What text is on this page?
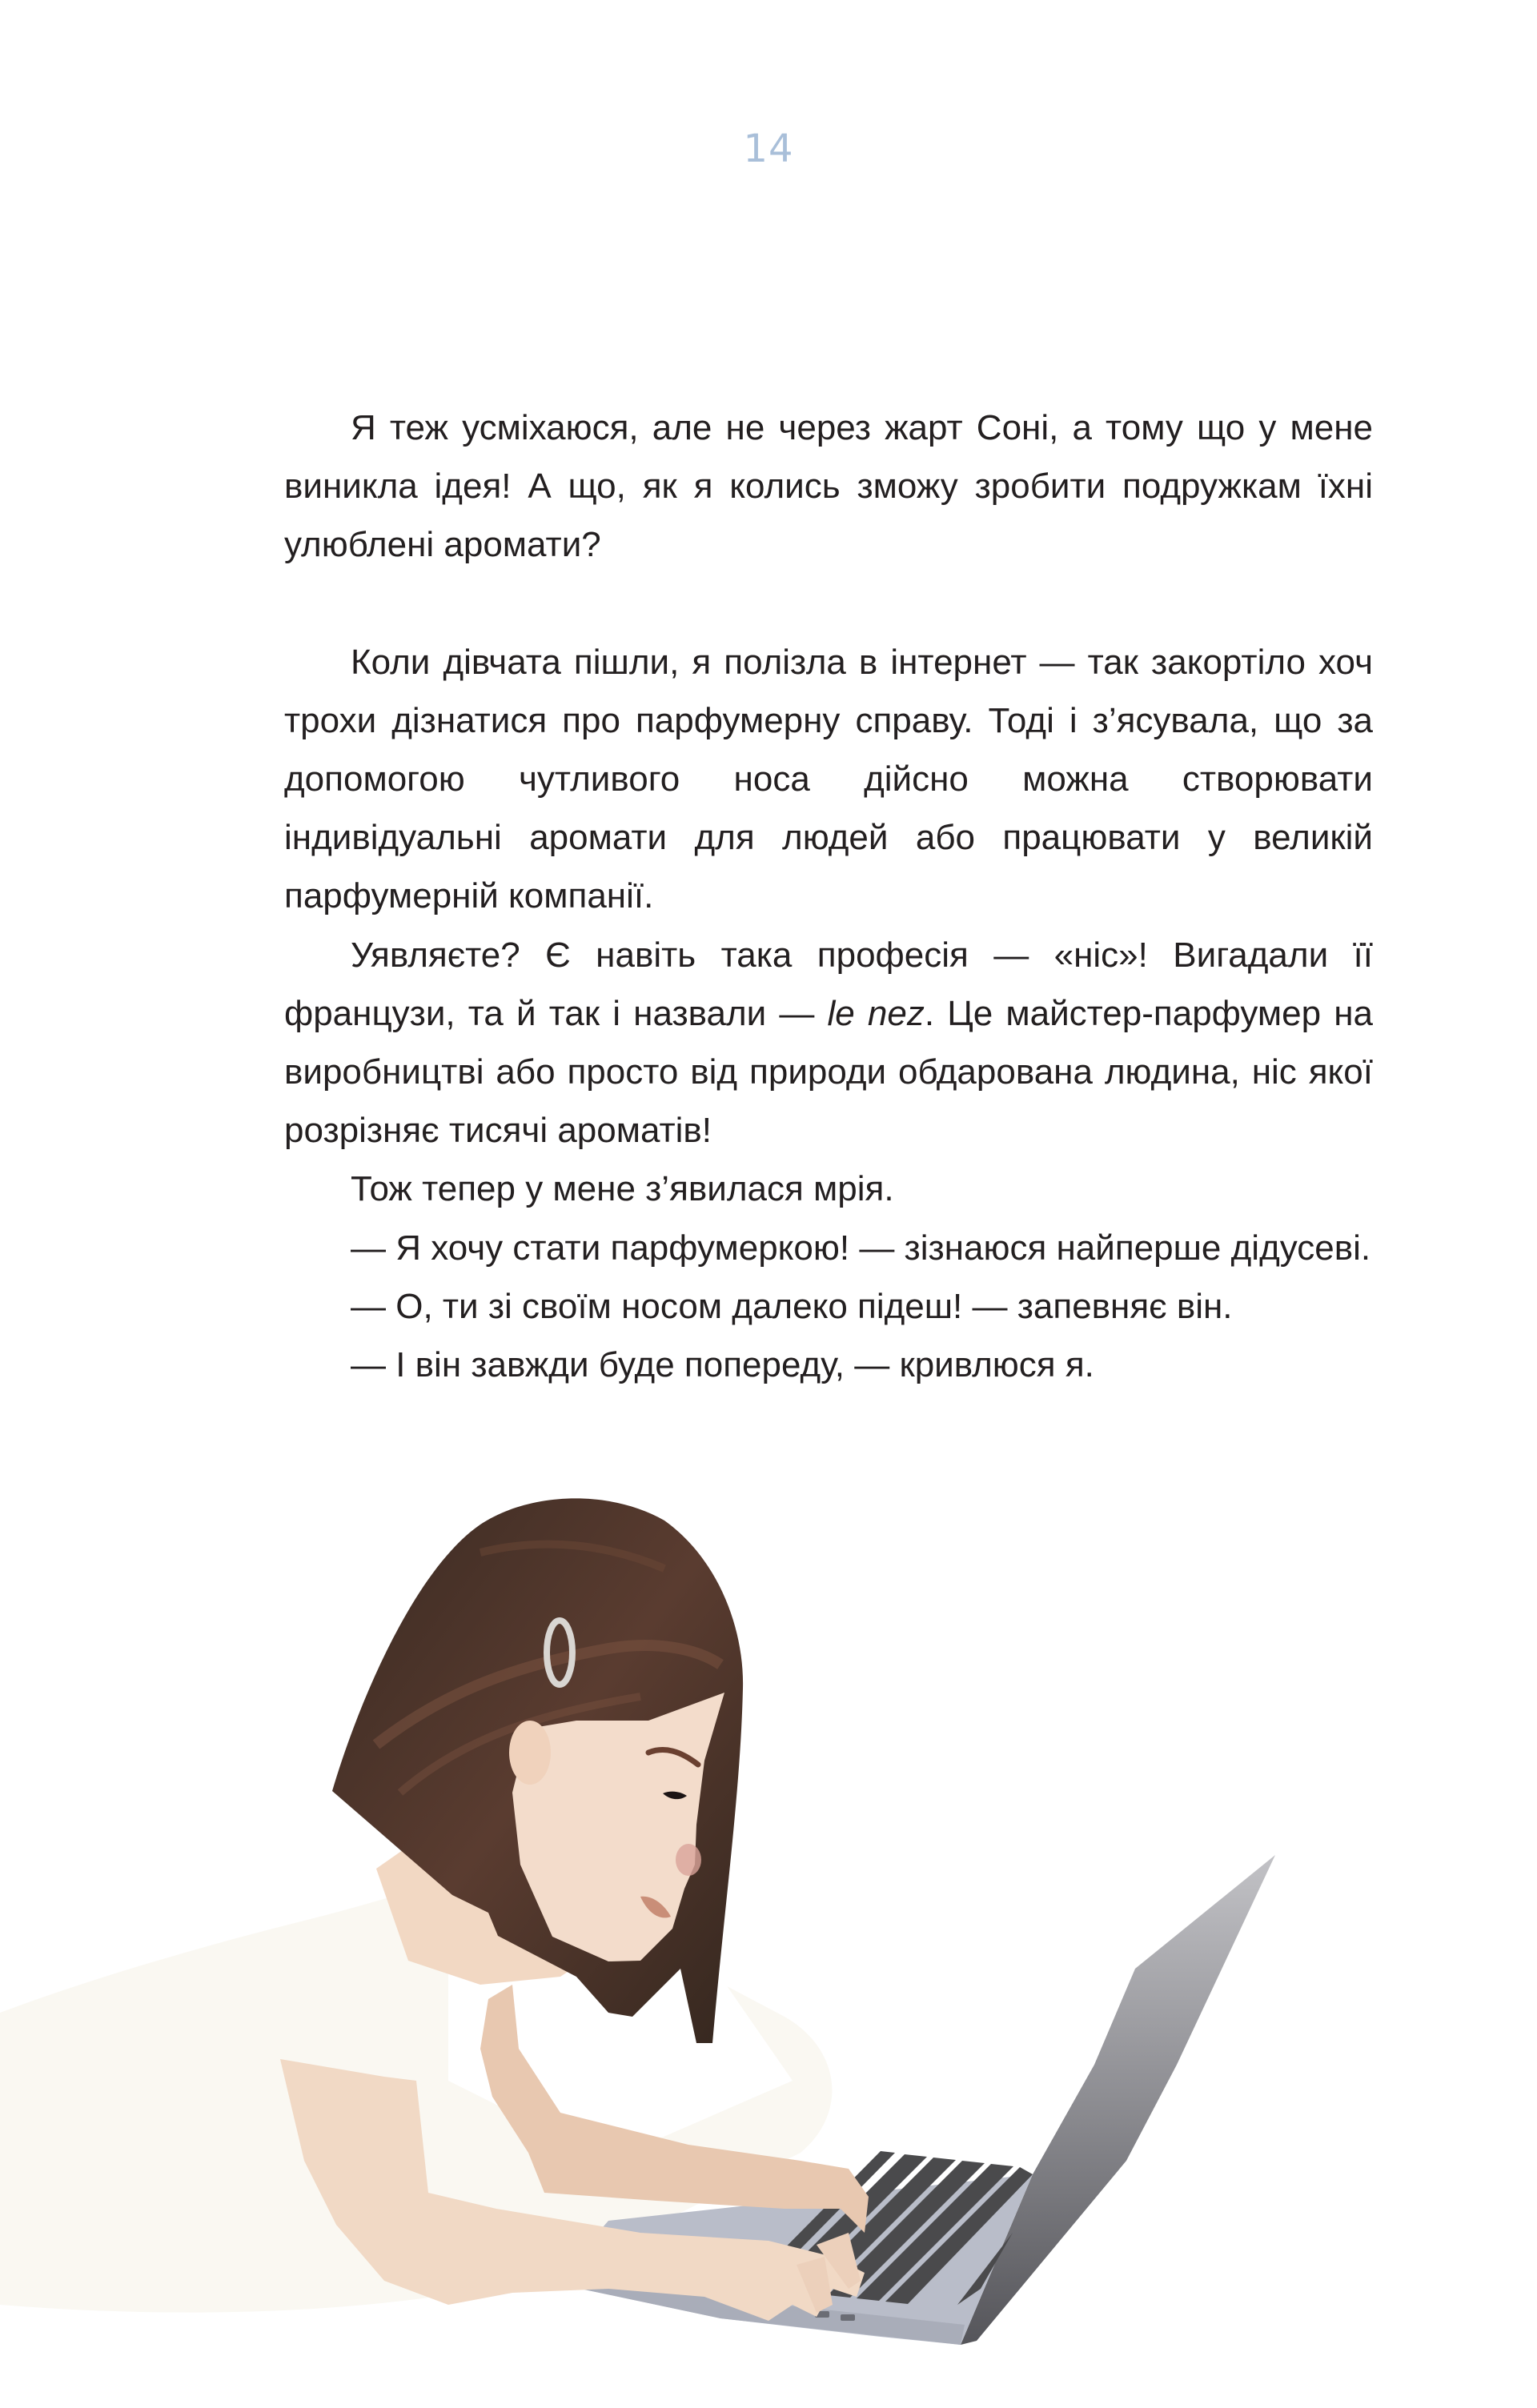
14

Я теж усміхаюся, але не через жарт Соні, а тому що у мене виникла ідея! А що, як я колись зможу зробити подружкам їхні улюблені аромати?

Коли дівчата пішли, я полізла в інтернет — так закортіло хоч трохи дізнатися про парфумерну справу. Тоді і з’ясувала, що за допомогою чутливого носа дійсно можна створювати індивідуальні аромати для людей або працювати у великій парфумерній компанії.

Уявляєте? Є навіть така професія — «ніс»! Вигадали її французи, та й так і назвали — le nez. Це майстер-парфумер на виробництві або просто від природи обдарована людина, ніс якої розрізняє тисячі ароматів!

Тож тепер у мене з’явилася мрія.

— Я хочу стати парфумеркою! — зізнаюся найперше дідусеві.

— О, ти зі своїм носом далеко підеш! — запевняє він.

— І він завжди буде попереду, — кривлюся я.
